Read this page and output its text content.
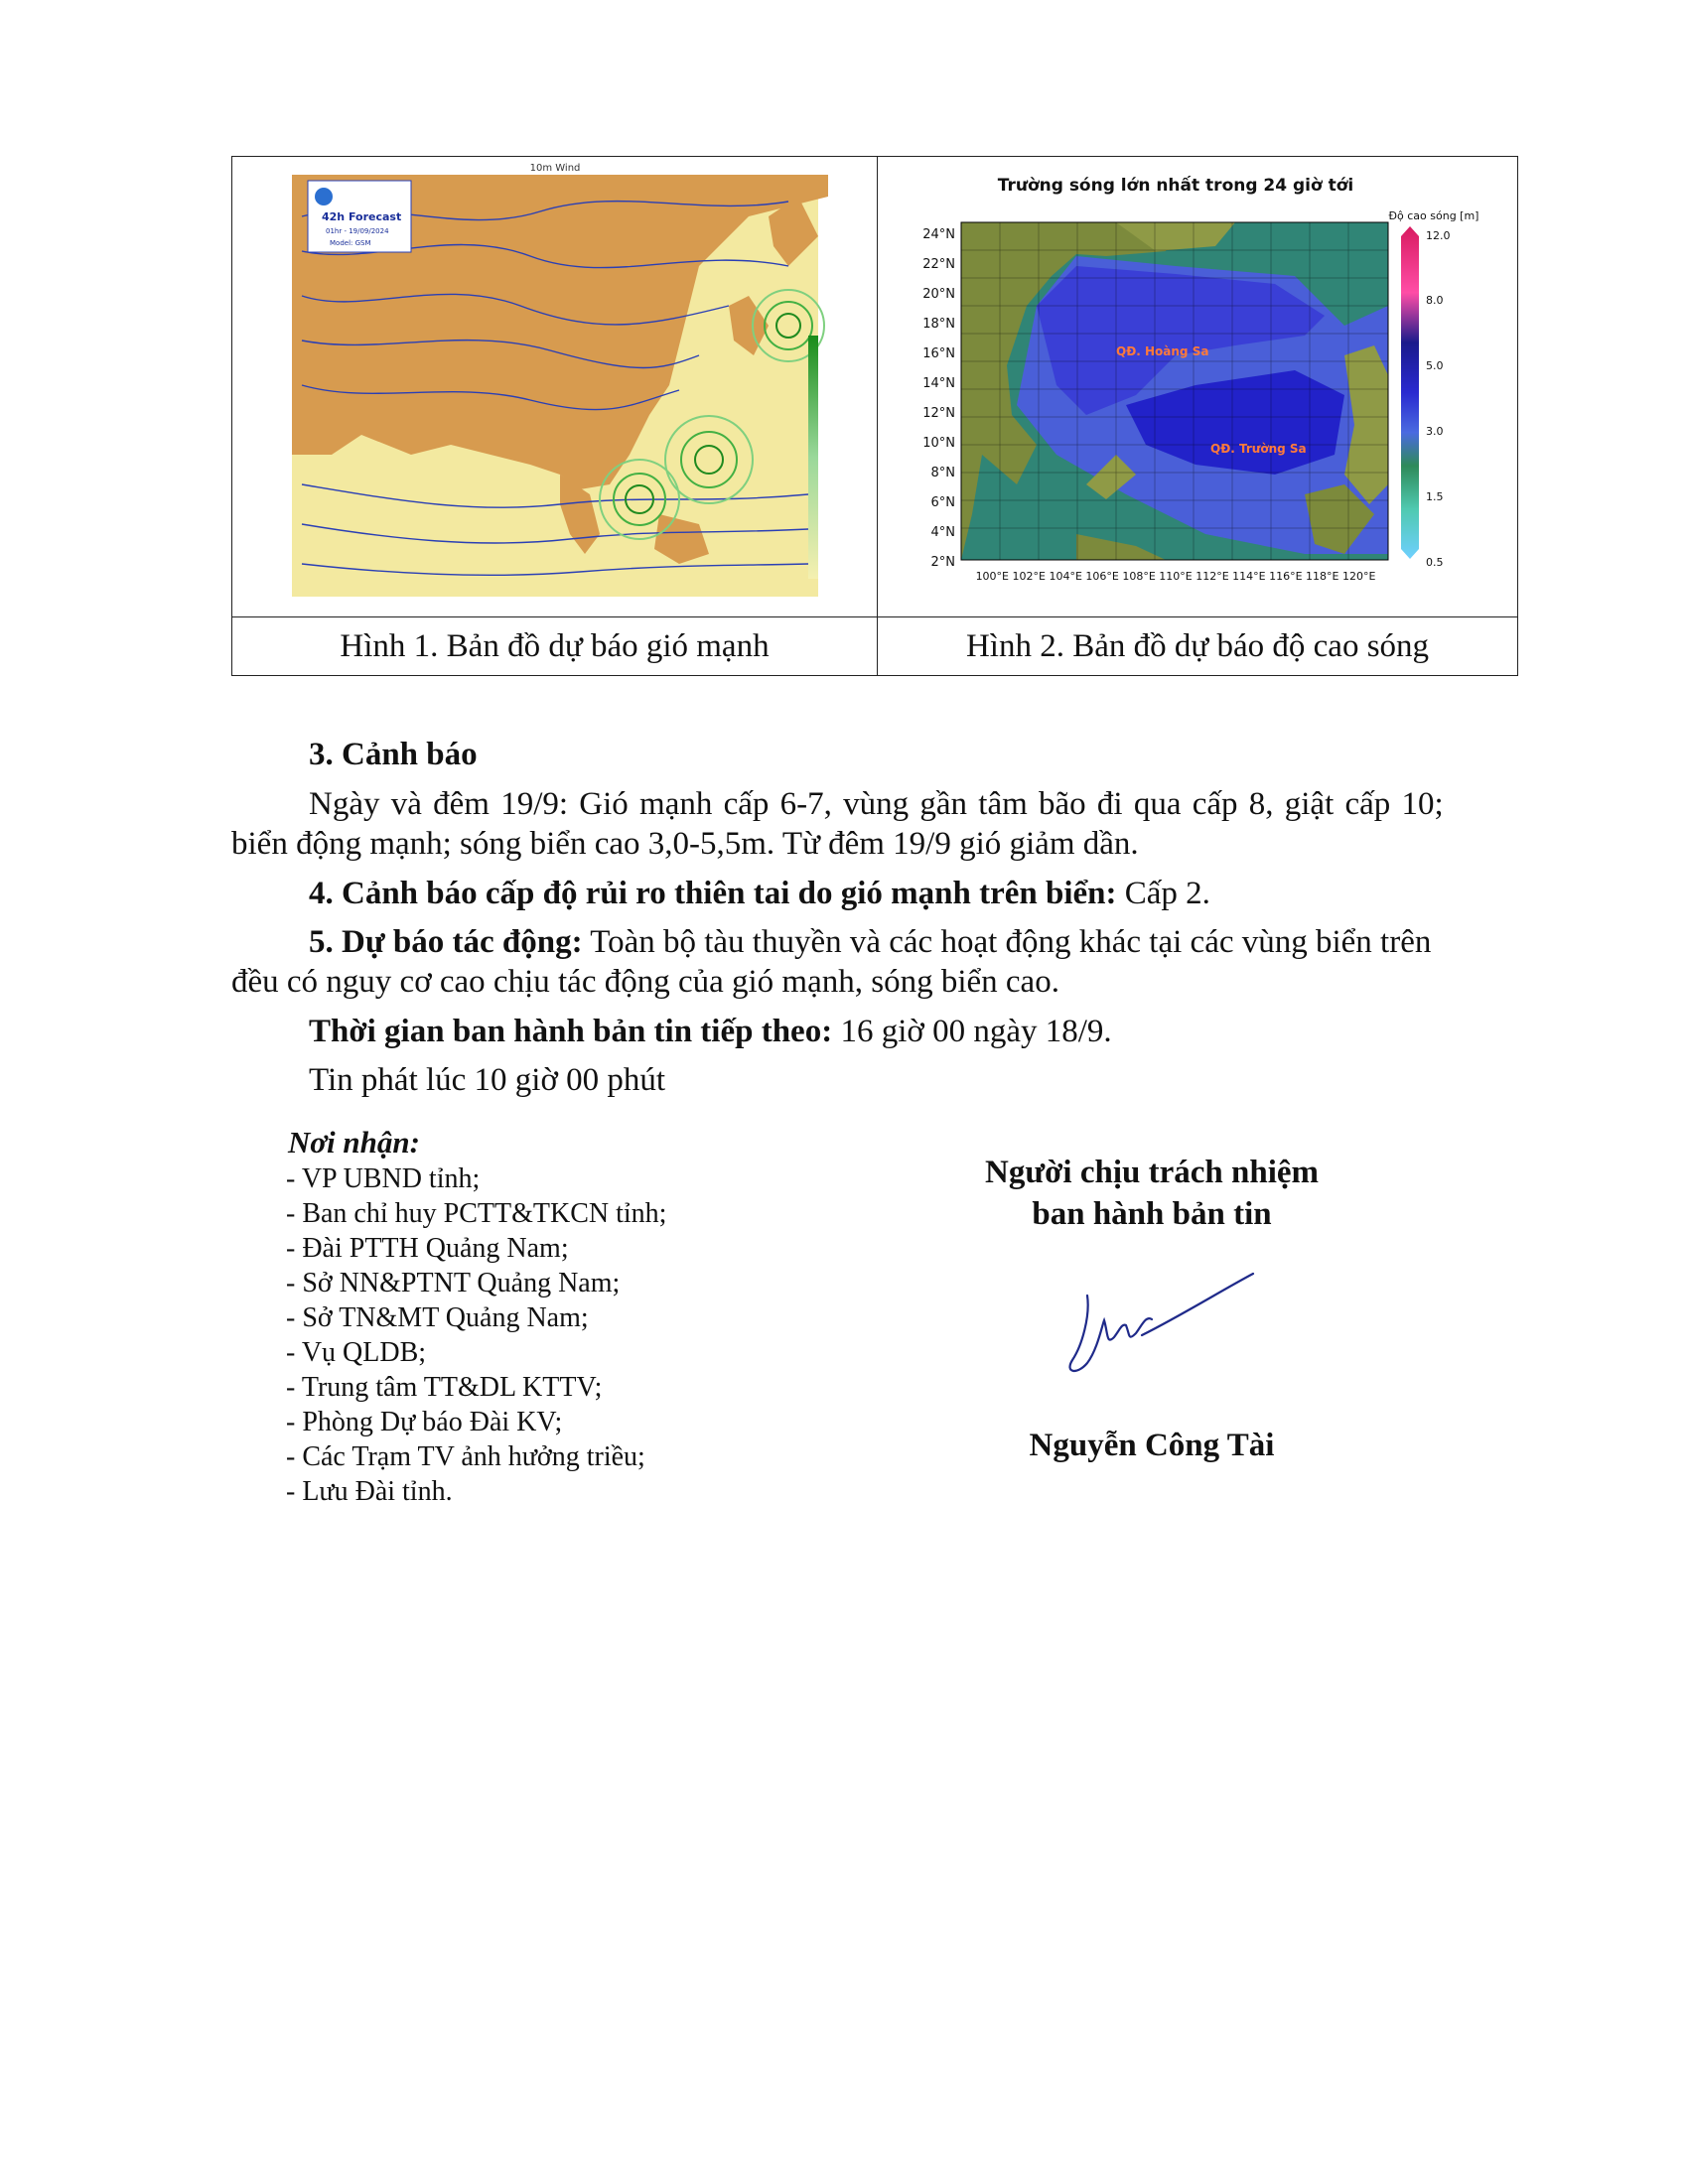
42h Forecast
01hr - 19/09/2024
Model: GSM
10m Wind
Trường sóng lớn nhất trong 24 giờ tới
Độ cao sóng [m]
QĐ. Hoàng Sa
QĐ. Trường Sa
24°N
22°N
20°N
18°N
16°N
14°N
12°N
10°N
8°N
6°N
4°N
2°N
100°E 102°E 104°E 106°E 108°E 110°E 112°E 114°E 116°E 118°E 120°E
12.0
8.0
5.0
3.0
1.5
0.5
Hình 1. Bản đồ dự báo gió mạnh	Hình 2. Bản đồ dự báo độ cao sóng
3. Cảnh báo
Ngày và đêm 19/9: Gió mạnh cấp 6-7, vùng gần tâm bão đi qua cấp 8, giật cấp 10;
biển động mạnh; sóng biển cao 3,0-5,5m. Từ đêm 19/9 gió giảm dần.
4. Cảnh báo cấp độ rủi ro thiên tai do gió mạnh trên biển: Cấp 2.
5. Dự báo tác động: Toàn bộ tàu thuyền và các hoạt động khác tại các vùng biển trên
đều có nguy cơ cao chịu tác động của gió mạnh, sóng biển cao.
Thời gian ban hành bản tin tiếp theo: 16 giờ 00 ngày 18/9.
Tin phát lúc 10 giờ 00 phút
Nơi nhận:
- VP UBND tỉnh;
- Ban chỉ huy PCTT&TKCN tỉnh;
- Đài PTTH Quảng Nam;
- Sở NN&PTNT Quảng Nam;
- Sở TN&MT Quảng Nam;
- Vụ QLDB;
- Trung tâm TT&DL KTTV;
- Phòng Dự báo Đài KV;
- Các Trạm TV ảnh hưởng triều;
- Lưu Đài tỉnh.
Người chịu trách nhiệm
ban hành bản tin
Nguyễn Công Tài
